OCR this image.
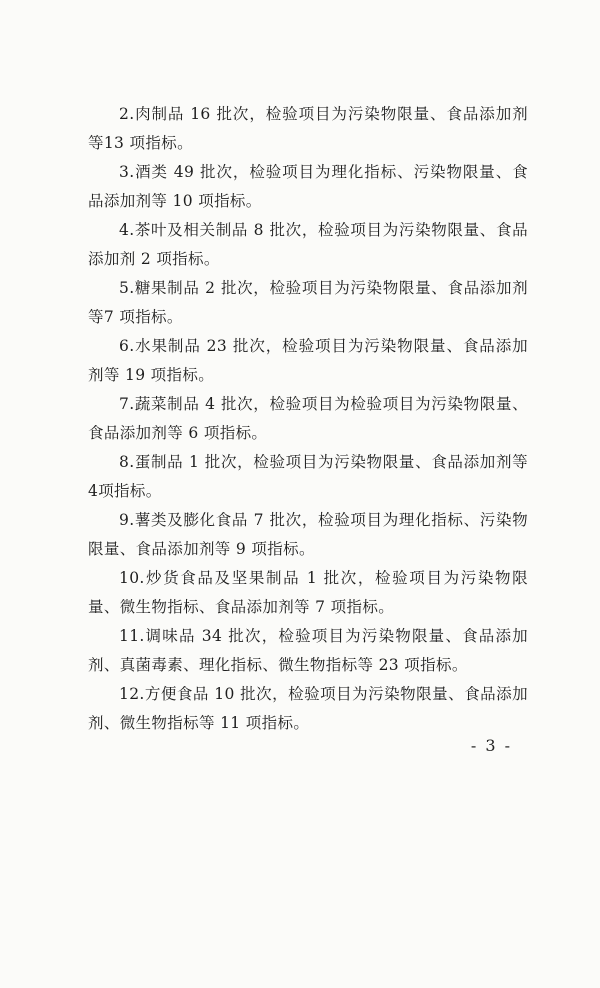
2.肉制品 16 批次，检验项目为污染物限量、食品添加剂等13 项指标。

3.酒类 49 批次，检验项目为理化指标、污染物限量、食品添加剂等 10 项指标。

4.茶叶及相关制品 8 批次，检验项目为污染物限量、食品添加剂 2 项指标。

5.糖果制品 2 批次，检验项目为污染物限量、食品添加剂等7 项指标。

6.水果制品 23 批次，检验项目为污染物限量、食品添加剂等 19 项指标。

7.蔬菜制品 4 批次，检验项目为检验项目为污染物限量、食品添加剂等 6 项指标。

8.蛋制品 1 批次，检验项目为污染物限量、食品添加剂等 4项指标。

9.薯类及膨化食品 7 批次，检验项目为理化指标、污染物限量、食品添加剂等 9 项指标。

10.炒货食品及坚果制品 1 批次，检验项目为污染物限量、微生物指标、食品添加剂等 7 项指标。

11.调味品 34 批次，检验项目为污染物限量、食品添加剂、真菌毒素、理化指标、微生物指标等 23 项指标。

12.方便食品 10 批次，检验项目为污染物限量、食品添加剂、微生物指标等 11 项指标。

- 3 -
